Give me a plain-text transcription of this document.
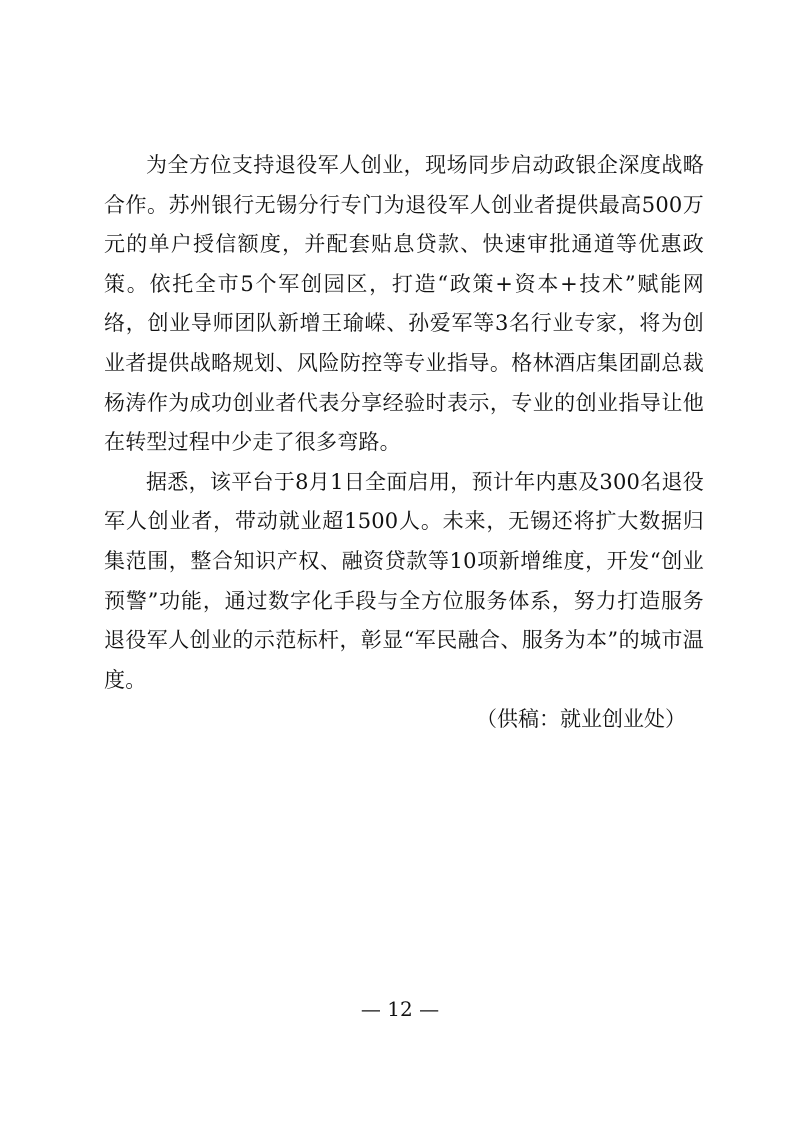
为全方位支持退役军人创业，现场同步启动政银企深度战略合作。苏州银行无锡分行专门为退役军人创业者提供最高500万元的单户授信额度，并配套贴息贷款、快速审批通道等优惠政策。依托全市5个军创园区，打造“政策+资本+技术”赋能网络，创业导师团队新增王瑜嵘、孙爱军等3名行业专家，将为创业者提供战略规划、风险防控等专业指导。格林酒店集团副总裁杨涛作为成功创业者代表分享经验时表示，专业的创业指导让他在转型过程中少走了很多弯路。

据悉，该平台于8月1日全面启用，预计年内惠及300名退役军人创业者，带动就业超1500人。未来，无锡还将扩大数据归集范围，整合知识产权、融资贷款等10项新增维度，开发“创业预警”功能，通过数字化手段与全方位服务体系，努力打造服务退役军人创业的示范标杆，彰显“军民融合、服务为本”的城市温度。

（供稿：就业创业处）

— 12 —
